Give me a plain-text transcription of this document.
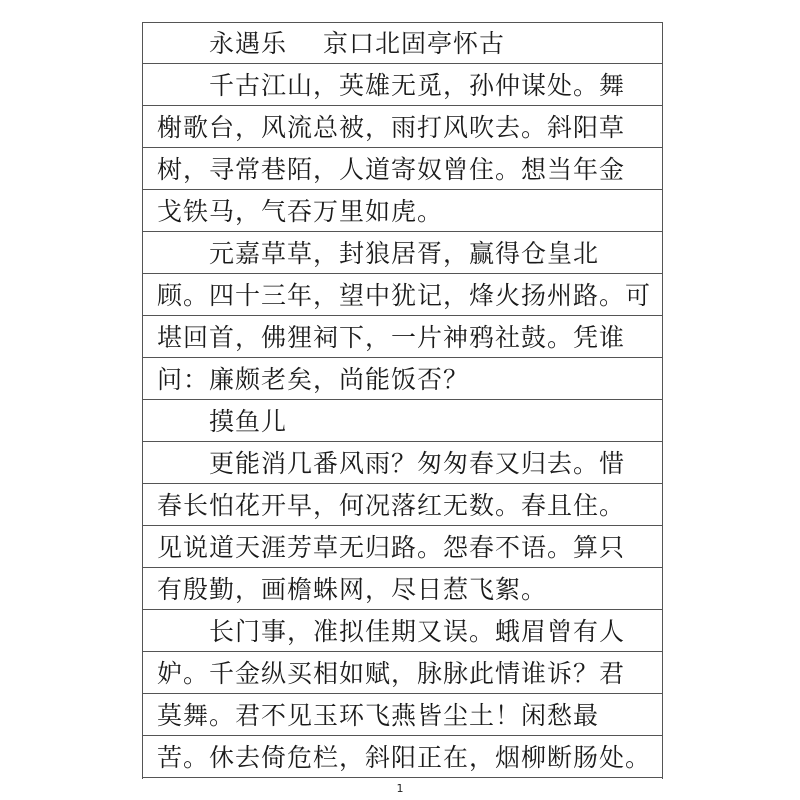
永遇乐 京口北固亭怀古
千古江山，英雄无觅，孙仲谋处。舞
榭歌台，风流总被，雨打风吹去。斜阳草
树，寻常巷陌，人道寄奴曾住。想当年金
戈铁马，气吞万里如虎。
元嘉草草，封狼居胥，赢得仓皇北
顾。四十三年，望中犹记，烽火扬州路。可
堪回首，佛狸祠下，一片神鸦社鼓。凭谁
问：廉颇老矣，尚能饭否？
摸鱼儿
更能消几番风雨？匆匆春又归去。惜
春长怕花开早，何况落红无数。春且住。
见说道天涯芳草无归路。怨春不语。算只
有殷勤，画檐蛛网，尽日惹飞絮。
长门事，准拟佳期又误。蛾眉曾有人
妒。千金纵买相如赋，脉脉此情谁诉？君
莫舞。君不见玉环飞燕皆尘土！闲愁最
苦。休去倚危栏，斜阳正在，烟柳断肠处。
1
